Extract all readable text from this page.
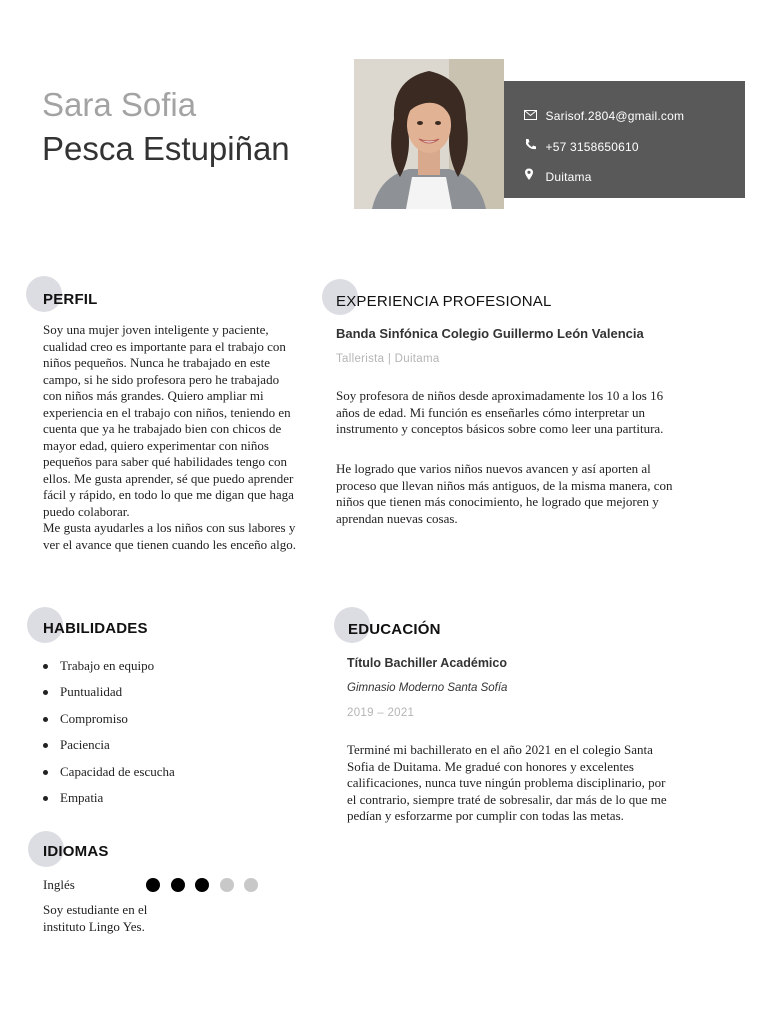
Sara Sofia
Pesca Estupiñan
Sarisof.2804@gmail.com
+57 3158650610
Duitama
PERFIL
Soy una mujer joven inteligente y paciente, cualidad creo es importante para el trabajo con niños pequeños. Nunca he trabajado en este campo, si he sido profesora pero he trabajado con niños más grandes. Quiero ampliar mi experiencia en el trabajo con niños, teniendo en cuenta que ya he trabajado bien con chicos de mayor edad, quiero experimentar con niños pequeños para saber qué habilidades tengo con ellos. Me gusta aprender, sé que puedo aprender fácil y rápido, en todo lo que me digan que haga puedo colaborar.
Me gusta ayudarles a los niños con sus labores y ver el avance que tienen cuando les enceño algo.
EXPERIENCIA PROFESIONAL
Banda Sinfónica Colegio Guillermo León Valencia
Tallerista | Duitama
Soy profesora de niños desde aproximadamente los 10 a los 16 años de edad. Mi función es enseñarles cómo interpretar un instrumento y conceptos básicos sobre como leer una partitura.
He logrado que varios niños nuevos avancen y así aporten al proceso que llevan niños más antiguos, de la misma manera, con niños que tienen más conocimiento, he logrado que mejoren y aprendan nuevas cosas.
HABILIDADES
Trabajo en equipo
Puntualidad
Compromiso
Paciencia
Capacidad de escucha
Empatia
EDUCACIÓN
Título Bachiller Académico
Gimnasio Moderno Santa Sofía
2019 – 2021
Terminé mi bachillerato en el año 2021 en el colegio Santa Sofia de Duitama. Me gradué con honores y excelentes calificaciones, nunca tuve ningún problema disciplinario, por el contrario, siempre traté de sobresalir, dar más de lo que me pedían y esforzarme por cumplir con todas las metas.
IDIOMAS
Inglés
Soy estudiante en el instituto Lingo Yes.
